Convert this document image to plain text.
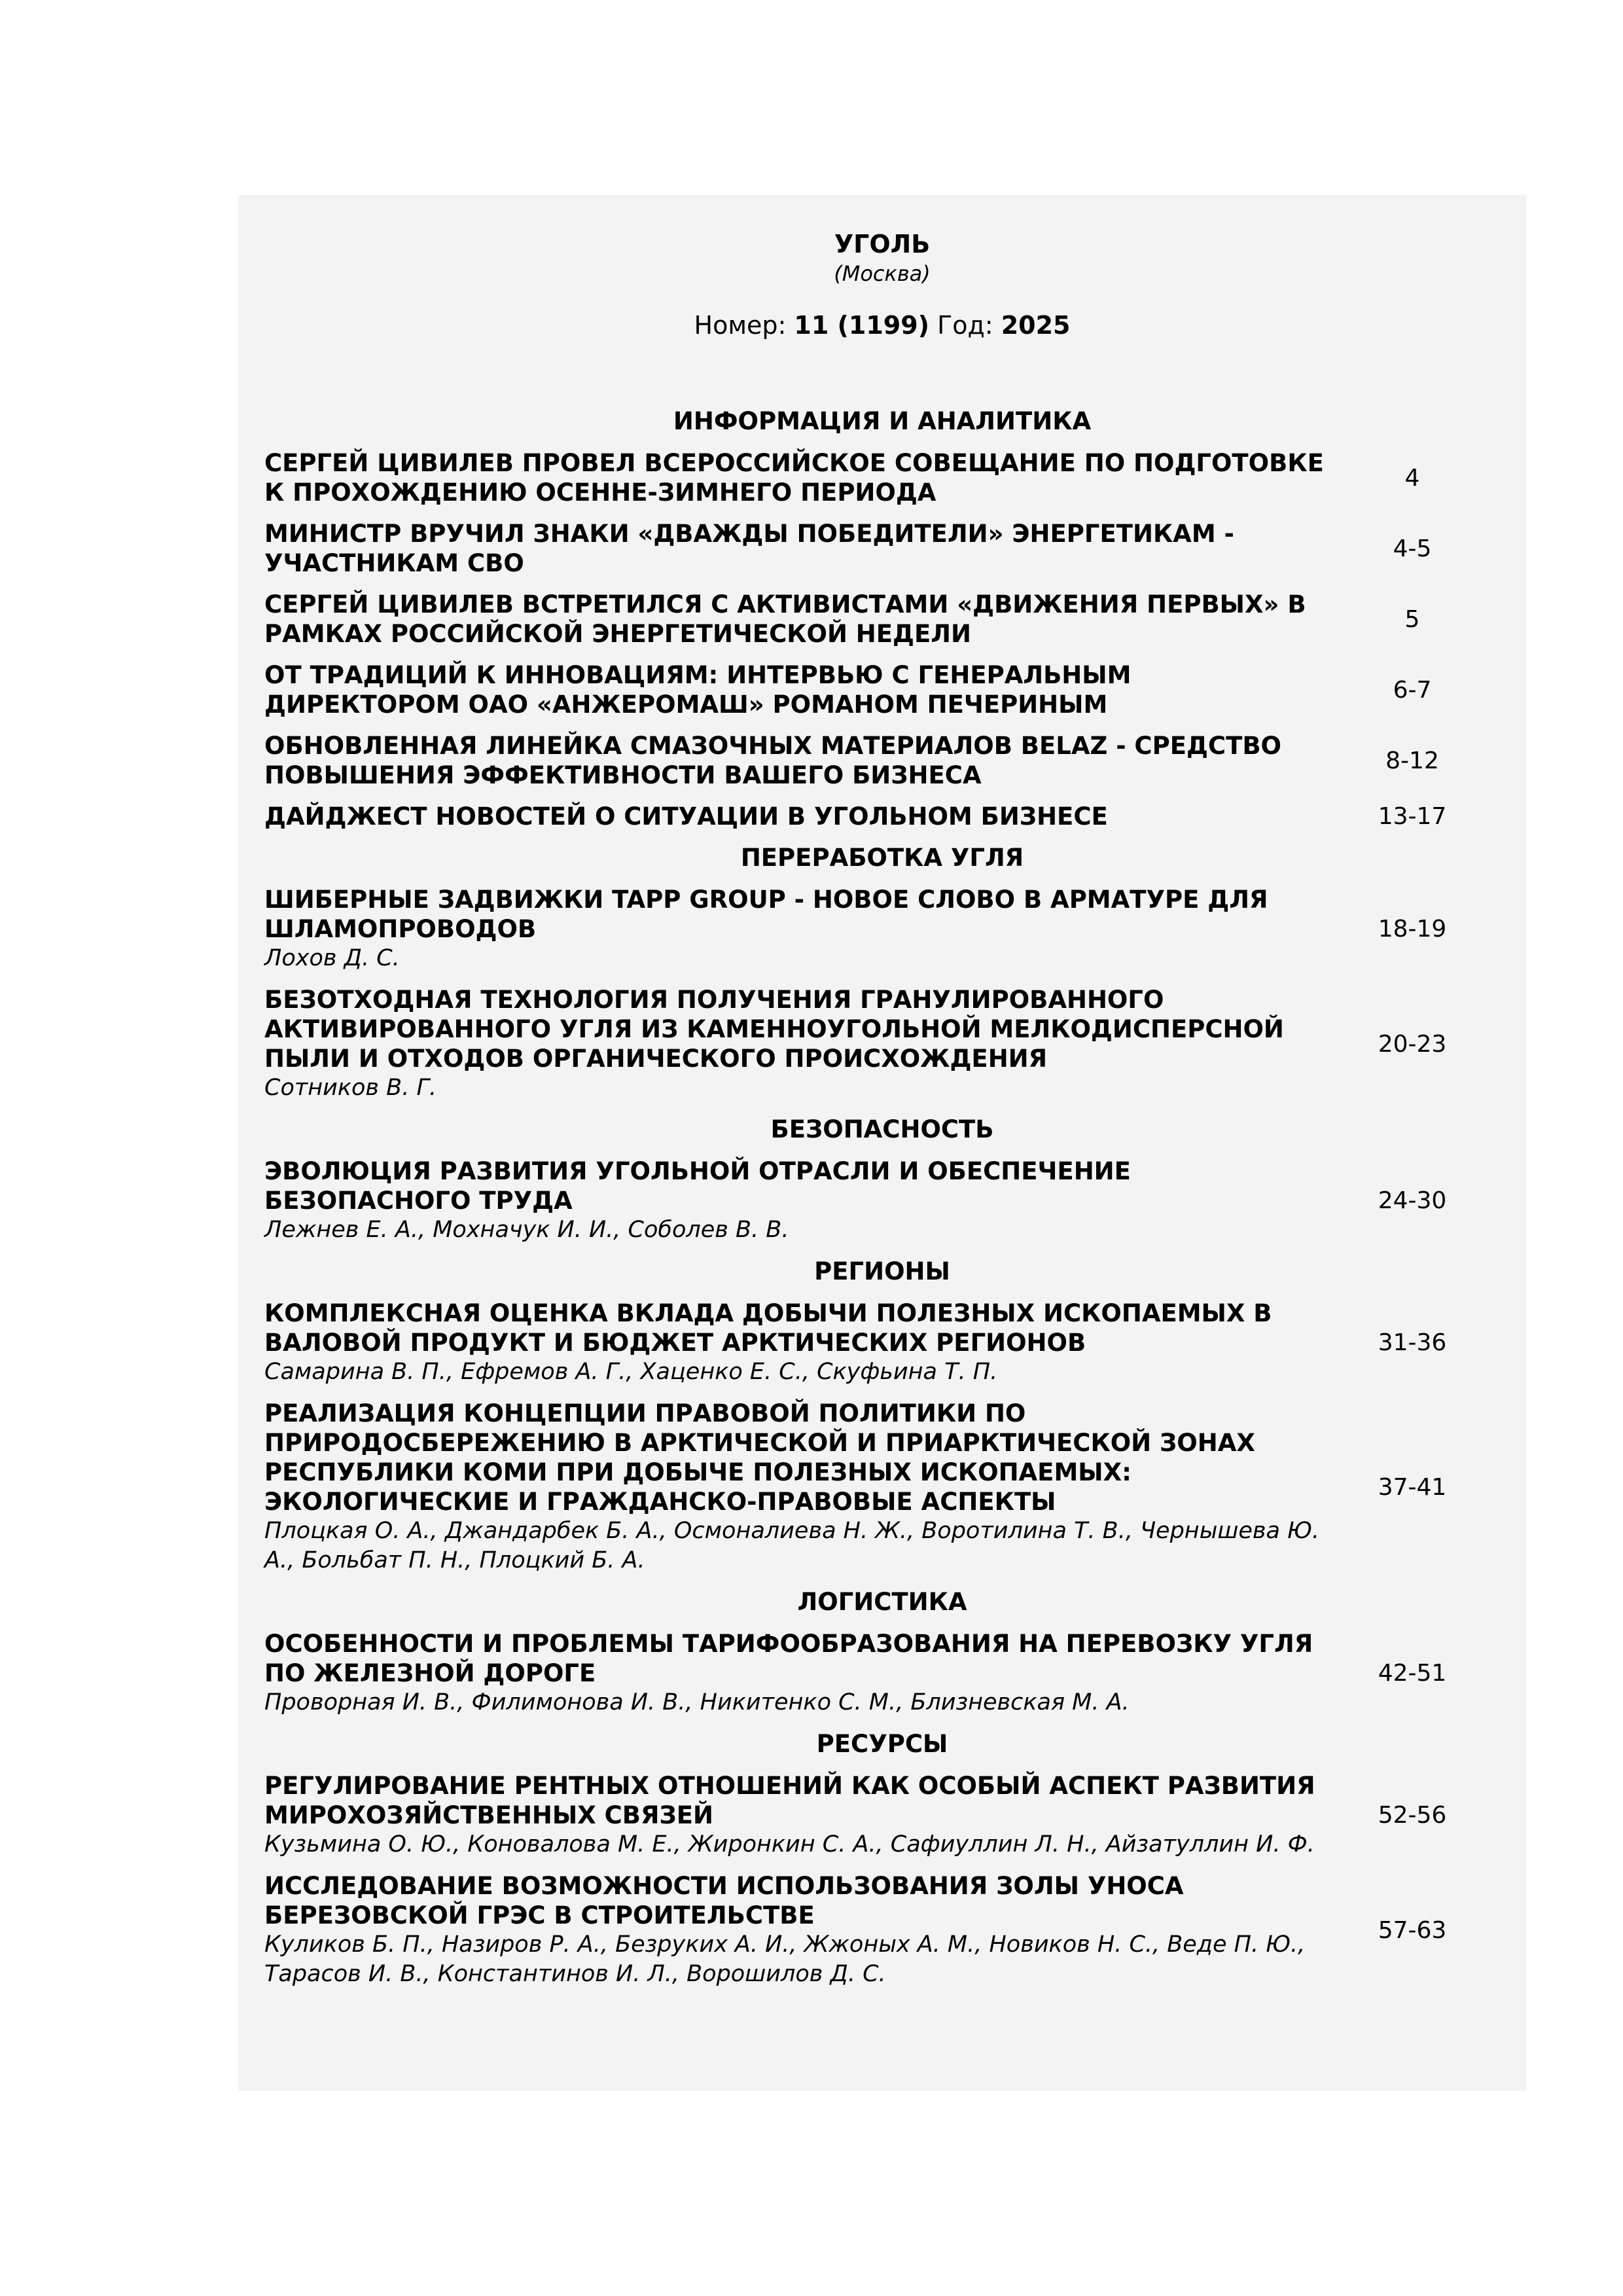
УГОЛЬ
(Москва)
Номер: 11 (1199) Год: 2025
ИНФОРМАЦИЯ И АНАЛИТИКА
СЕРГЕЙ ЦИВИЛЕВ ПРОВЕЛ ВСЕРОССИЙСКОЕ СОВЕЩАНИЕ ПО ПОДГОТОВКЕ К ПРОХОЖДЕНИЮ ОСЕННЕ-ЗИМНЕГО ПЕРИОДА
4
МИНИСТР ВРУЧИЛ ЗНАКИ «ДВАЖДЫ ПОБЕДИТЕЛИ» ЭНЕРГЕТИКАМ - УЧАСТНИКАМ СВО
4-5
СЕРГЕЙ ЦИВИЛЕВ ВСТРЕТИЛСЯ С АКТИВИСТАМИ «ДВИЖЕНИЯ ПЕРВЫХ» В РАМКАХ РОССИЙСКОЙ ЭНЕРГЕТИЧЕСКОЙ НЕДЕЛИ
5
ОТ ТРАДИЦИЙ К ИННОВАЦИЯМ: ИНТЕРВЬЮ С ГЕНЕРАЛЬНЫМ ДИРЕКТОРОМ ОАО «АНЖЕРОМАШ» РОМАНОМ ПЕЧЕРИНЫМ
6-7
ОБНОВЛЕННАЯ ЛИНЕЙКА СМАЗОЧНЫХ МАТЕРИАЛОВ BELAZ - СРЕДСТВО ПОВЫШЕНИЯ ЭФФЕКТИВНОСТИ ВАШЕГО БИЗНЕСА
8-12
ДАЙДЖЕСТ НОВОСТЕЙ О СИТУАЦИИ В УГОЛЬНОМ БИЗНЕСЕ	13-17
ПЕРЕРАБОТКА УГЛЯ
ШИБЕРНЫЕ ЗАДВИЖКИ TAPP GROUP - НОВОЕ СЛОВО В АРМАТУРЕ ДЛЯ ШЛАМОПРОВОДОВ
Лохов Д. С.
18-19
БЕЗОТХОДНАЯ ТЕХНОЛОГИЯ ПОЛУЧЕНИЯ ГРАНУЛИРОВАННОГО АКТИВИРОВАННОГО УГЛЯ ИЗ КАМЕННОУГОЛЬНОЙ МЕЛКОДИСПЕРСНОЙ ПЫЛИ И ОТХОДОВ ОРГАНИЧЕСКОГО ПРОИСХОЖДЕНИЯ
Сотников В. Г.
20-23
БЕЗОПАСНОСТЬ
ЭВОЛЮЦИЯ РАЗВИТИЯ УГОЛЬНОЙ ОТРАСЛИ И ОБЕСПЕЧЕНИЕ БЕЗОПАСНОГО ТРУДА
Лежнев Е. А., Мохначук И. И., Соболев В. В.
24-30
РЕГИОНЫ
КОМПЛЕКСНАЯ ОЦЕНКА ВКЛАДА ДОБЫЧИ ПОЛЕЗНЫХ ИСКОПАЕМЫХ В ВАЛОВОЙ ПРОДУКТ И БЮДЖЕТ АРКТИЧЕСКИХ РЕГИОНОВ
Самарина В. П., Ефремов А. Г., Хаценко Е. С., Скуфьина Т. П.
31-36
РЕАЛИЗАЦИЯ КОНЦЕПЦИИ ПРАВОВОЙ ПОЛИТИКИ ПО ПРИРОДОСБЕРЕЖЕНИЮ В АРКТИЧЕСКОЙ И ПРИАРКТИЧЕСКОЙ ЗОНАХ РЕСПУБЛИКИ КОМИ ПРИ ДОБЫЧЕ ПОЛЕЗНЫХ ИСКОПАЕМЫХ: ЭКОЛОГИЧЕСКИЕ И ГРАЖДАНСКО-ПРАВОВЫЕ АСПЕКТЫ
Плоцкая О. А., Джандарбек Б. А., Осмоналиева Н. Ж., Воротилина Т. В., Чернышева Ю. А., Больбат П. Н., Плоцкий Б. А.
37-41
ЛОГИСТИКА
ОСОБЕННОСТИ И ПРОБЛЕМЫ ТАРИФООБРАЗОВАНИЯ НА ПЕРЕВОЗКУ УГЛЯ ПО ЖЕЛЕЗНОЙ ДОРОГЕ
Проворная И. В., Филимонова И. В., Никитенко С. М., Близневская М. А.
42-51
РЕСУРСЫ
РЕГУЛИРОВАНИЕ РЕНТНЫХ ОТНОШЕНИЙ КАК ОСОБЫЙ АСПЕКТ РАЗВИТИЯ МИРОХОЗЯЙСТВЕННЫХ СВЯЗЕЙ
Кузьмина О. Ю., Коновалова М. Е., Жиронкин С. А., Сафиуллин Л. Н., Айзатуллин И. Ф.
52-56
ИССЛЕДОВАНИЕ ВОЗМОЖНОСТИ ИСПОЛЬЗОВАНИЯ ЗОЛЫ УНОСА БЕРЕЗОВСКОЙ ГРЭС В СТРОИТЕЛЬСТВЕ
Куликов Б. П., Назиров Р. А., Безруких А. И., Жжоных А. М., Новиков Н. С., Веде П. Ю., Тарасов И. В., Константинов И. Л., Ворошилов Д. С.
57-63
